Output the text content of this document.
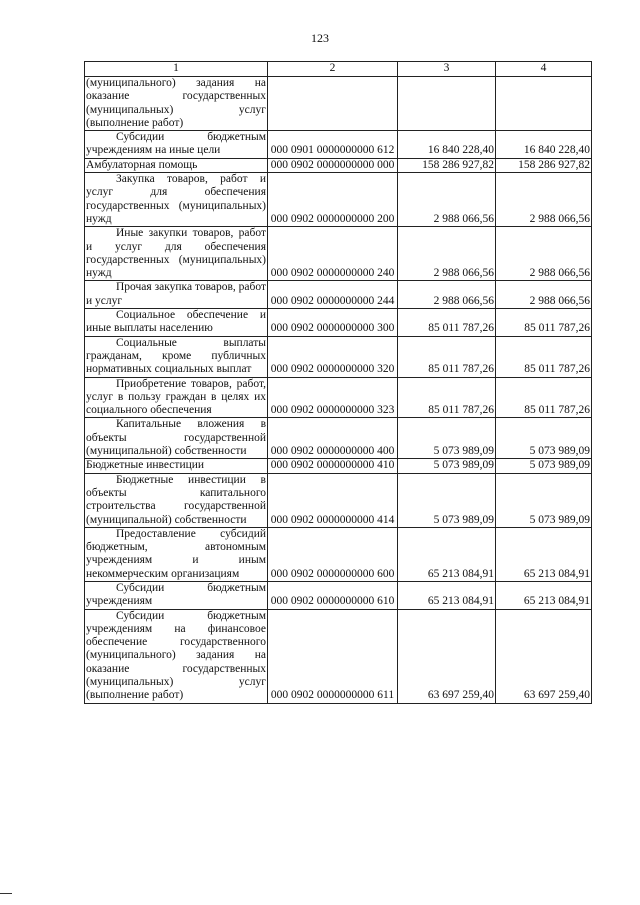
123
1	2	3	4
(муниципального) задания на оказание государственных (муниципальных) услуг (выполнение работ)			

Субсидии бюджетным учреждениям на иные цели	000 0901 0000000000 612	16 840 228,40	16 840 228,40

Амбулаторная помощь	000 0902 0000000000 000	158 286 927,82	158 286 927,82

Закупка товаров, работ и услуг для обеспечения государственных (муниципальных) нужд	000 0902 0000000000 200	2 988 066,56	2 988 066,56

Иные закупки товаров, работ и услуг для обеспечения государственных (муниципальных) нужд	000 0902 0000000000 240	2 988 066,56	2 988 066,56

Прочая закупка товаров, работ и услуг	000 0902 0000000000 244	2 988 066,56	2 988 066,56

Социальное обеспечение и иные выплаты населению	000 0902 0000000000 300	85 011 787,26	85 011 787,26

Социальные выплаты гражданам, кроме публичных нормативных социальных выплат	000 0902 0000000000 320	85 011 787,26	85 011 787,26

Приобретение товаров, работ, услуг в пользу граждан в целях их социального обеспечения	000 0902 0000000000 323	85 011 787,26	85 011 787,26

Капитальные вложения в объекты государственной (муниципальной) собственности	000 0902 0000000000 400	5 073 989,09	5 073 989,09

Бюджетные инвестиции	000 0902 0000000000 410	5 073 989,09	5 073 989,09

Бюджетные инвестиции в объекты капитального строительства государственной (муниципальной) собственности	000 0902 0000000000 414	5 073 989,09	5 073 989,09

Предоставление субсидий бюджетным, автономным учреждениям и иным некоммерческим организациям	000 0902 0000000000 600	65 213 084,91	65 213 084,91

Субсидии бюджетным учреждениям	000 0902 0000000000 610	65 213 084,91	65 213 084,91

Субсидии бюджетным учреждениям на финансовое обеспечение государственного (муниципального) задания на оказание государственных (муниципальных) услуг (выполнение работ)	000 0902 0000000000 611	63 697 259,40	63 697 259,40
